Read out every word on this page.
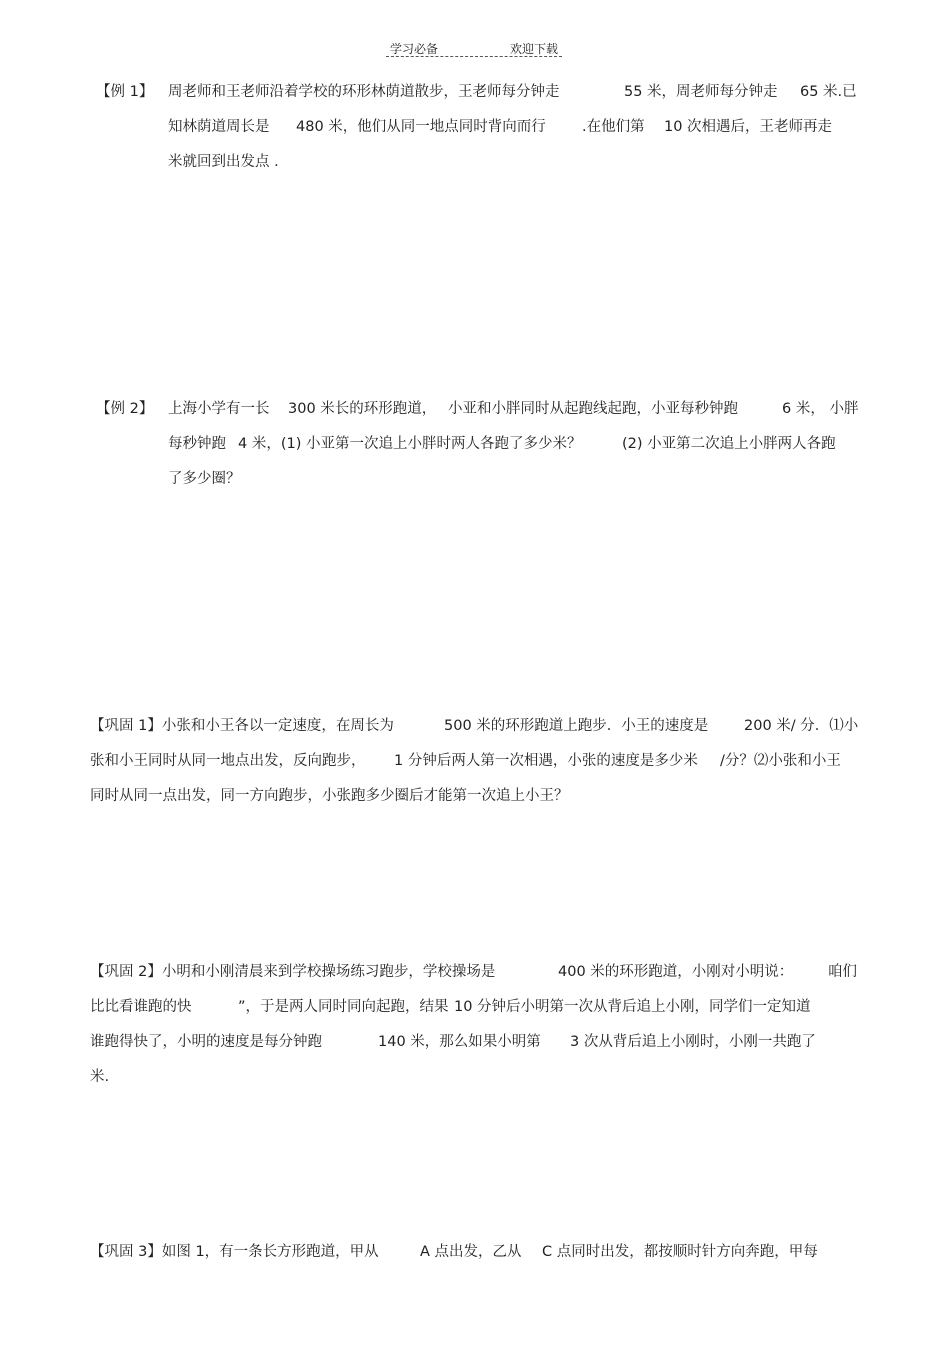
学习必备	欢迎下载
【例 1】	周老师和王老师沿着学校的环形林荫道散步，王老师每分钟走	55 米，周老师每分钟走	65 米.已
知林荫道周长是	480 米，他们从同一地点同时背向而行	.在他们第	10 次相遇后，王老师再走
米就回到出发点 .
【例 2】	上海小学有一长	300 米长的环形跑道， 小亚和小胖同时从起跑线起跑，小亚每秒钟跑	6 米， 小胖
每秒钟跑 4 米，(1) 小亚第一次追上小胖时两人各跑了多少米？	(2) 小亚第二次追上小胖两人各跑
了多少圈？
【巩固 1】小张和小王各以一定速度，在周长为	500 米的环形跑道上跑步．小王的速度是	200 米/ 分．⑴小
张和小王同时从同一地点出发，反向跑步，	1 分钟后两人第一次相遇，小张的速度是多少米	/分？⑵小张和小王
同时从同一点出发，同一方向跑步，小张跑多少圈后才能第一次追上小王？
【巩固 2】小明和小刚清晨来到学校操场练习跑步，学校操场是	400 米的环形跑道，小刚对小明说：	咱们
比比看谁跑的快	”，于是两人同时同向起跑，结果 10 分钟后小明第一次从背后追上小刚，同学们一定知道
谁跑得快了，小明的速度是每分钟跑	140 米，那么如果小明第	3 次从背后追上小刚时，小刚一共跑了
米.
【巩固 3】如图 1，有一条长方形跑道，甲从	A 点出发，乙从	C 点同时出发，都按顺时针方向奔跑，甲每
